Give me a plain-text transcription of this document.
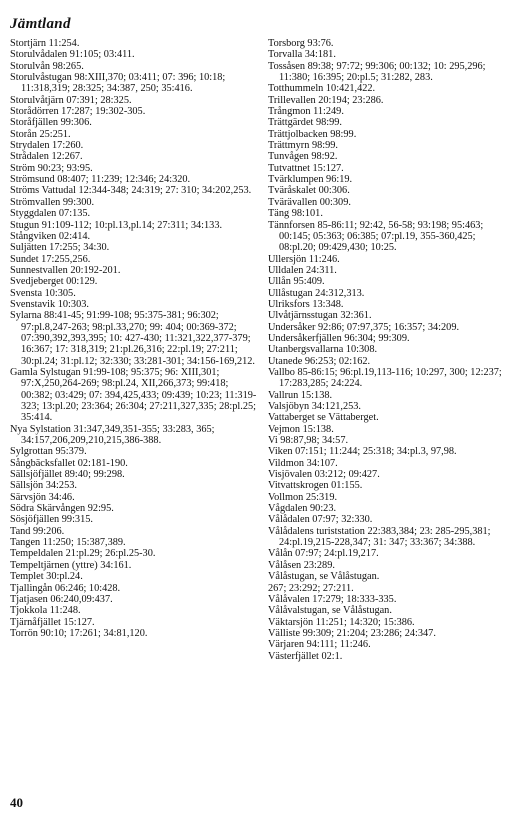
Jämtland

Stortjärn 11:254.

Storulvådalen 91:105; 03:411.

Storulvån 98:265.

Storulvåstugan 98:XIII,370; 03:411; 07: 396; 10:18; 11:318,319; 28:325; 34:387, 250; 35:416.

Storulvåtjärn 07:391; 28:325.

Storådörren 17:287; 19:302-305.

Storåfjällen 99:306.

Storån 25:251.

Strydalen 17:260.

Strådalen 12:267.

Ström 90:23; 93:95.

Strömsund 08:407; 11:239; 12:346; 24:320.

Ströms Vattudal 12:344-348; 24:319; 27: 310; 34:202,253.

Strömvallen 99:300.

Styggdalen 07:135.

Stugun 91:109-112; 10:pl.13,pl.14; 27:311; 34:133.

Stångviken 02:414.

Suljätten 17:255; 34:30.

Sundet 17:255,256.

Sunnestvallen 20:192-201.

Svedjeberget 00:129.

Svensta 10:305.

Svenstavik 10:303.

Sylarna 88:41-45; 91:99-108; 95:375-381; 96:302; 97:pl.8,247-263; 98:pl.33,270; 99: 404; 00:369-372; 07:390,392,393,395; 10: 427-430; 11:321,322,377-379; 16:367; 17: 318,319; 21:pl.26,316; 22:pl.19; 27:211; 30:pl.24; 31:pl.12; 32:330; 33:281-301; 34:156-169,212.

Gamla Sylstugan 91:99-108; 95:375; 96: XIII,301; 97:X,250,264-269; 98:pl.24, XII,266,373; 99:418; 00:382; 03:429; 07: 394,425,433; 09:439; 10:23; 11:319-323; 13:pl.20; 23:364; 26:304; 27:211,327,335; 28:pl.25; 35:414.

Nya Sylstation 31:347,349,351-355; 33:283, 365; 34:157,206,209,210,215,386-388.

Sylgrottan 95:379.

Sångbäcksfallet 02:181-190.

Sällsjöfjället 89:40; 99:298.

Sällsjön 34:253.

Särvsjön 34:46.

Södra Skärvången 92:95.

Sösjöfjällen 99:315.

Tand 99:206.

Tangen 11:250; 15:387,389.

Tempeldalen 21:pl.29; 26:pl.25-30.

Tempeltjärnen (yttre) 34:161.

Templet 30:pl.24.

Tjallingån 06:246; 10:428.

Tjatjasen 06:240,09:437.

Tjokkola 11:248.

Tjärnåfjället 15:127.

Torrön 90:10; 17:261; 34:81,120.

Torsborg 93:76.

Torvalla 34:181.

Tossåsen 89:38; 97:72; 99:306; 00:132; 10: 295,296; 11:380; 16:395; 20:pl.5; 31:282, 283.

Totthummeln 10:421,422.

Trillevallen 20:194; 23:286.

Trångmon 11:249.

Trättgärdet 98:99.

Trättjolbacken 98:99.

Trättmyrn 98:99.

Tunvågen 98:92.

Tutvattnet 15:127.

Tvärklumpen 96:19.

Tväråskalet 00:306.

Tvärävallen 00:309.

Täng 98:101.

Tännforsen 85-86:11; 92:42, 56-58; 93:198; 95:463; 00:145; 05:363; 06:385; 07:pl.19, 355-360,425; 08:pl.20; 09:429,430; 10:25.

Ullersjön 11:246.

Ulldalen 24:311.

Ullån 95:409.

Ullåstugan 24:312,313.

Ulriksfors 13:348.

Ulvåtjärnsstugan 32:361.

Undersåker 92:86; 07:97,375; 16:357; 34:209.

Undersåkerfjällen 96:304; 99:309.

Utanbergsvallarna 10:308.

Utanede 96:253; 02:162.

Vallbo 85-86:15; 96:pl.19,113-116; 10:297, 300; 12:237; 17:283,285; 24:224.

Vallrun 15:138.

Valsjöbyn 34:121,253.

Vattaberget se Vättaberget.

Vejmon 15:138.

Vi 98:87,98; 34:57.

Viken 07:151; 11:244; 25:318; 34:pl.3, 97,98.

Vildmon 34:107.

Visjövalen 03:212; 09:427.

Vitvattskrogen 01:155.

Vollmon 25:319.

Vågdalen 90:23.

Vålådalen 07:97; 32:330.

Vålådalens turiststation 22:383,384; 23: 285-295,381; 24:pl.19,215-228,347; 31: 347; 33:367; 34:388.

Vålån 07:97; 24:pl.19,217.

Vålåsen 23:289.

Vålåstugan, se Vålåstugan.

267; 23:292; 27:211.

Vålåvalen 17:279; 18:333-335.

Vålåvalstugan, se Vålåstugan.

Väktarsjön 11:251; 14:320; 15:386.

Välliste 99:309; 21:204; 23:286; 24:347.

Värjaren 94:111; 11:246.

Västerfjället 02:1.

40
